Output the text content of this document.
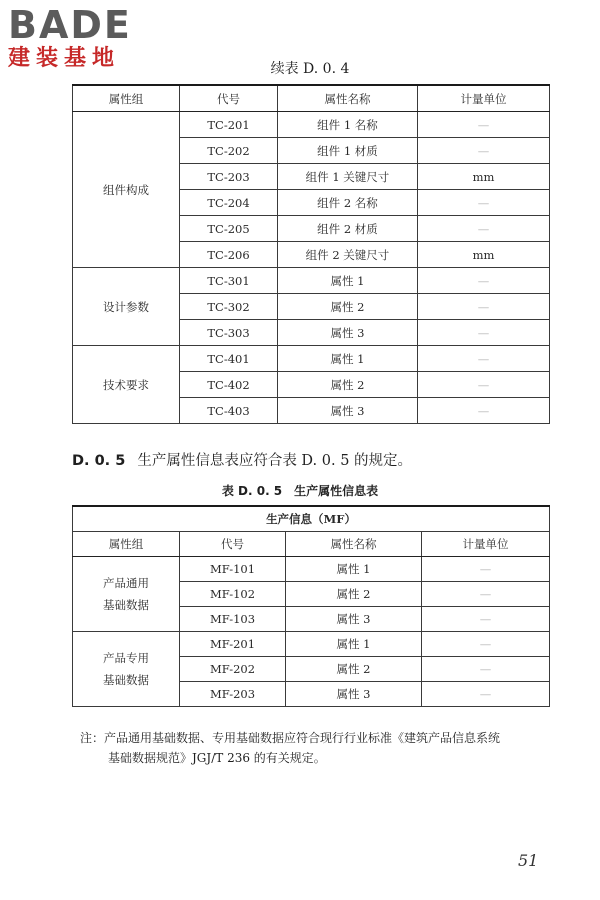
BADE
建装基地	续表 D. 0. 4
属性组	代号	属性名称	计量单位
组件构成	TC-201	组件 1 名称	—
	TC-202	组件 1 材质	—
	TC-203	组件 1 关键尺寸	mm
	TC-204	组件 2 名称	—
	TC-205	组件 2 材质	—
	TC-206	组件 2 关键尺寸	mm
设计参数	TC-301	属性 1	—
	TC-302	属性 2	—
	TC-303	属性 3	—
技术要求	TC-401	属性 1	—
	TC-402	属性 2	—
	TC-403	属性 3	—
D. 0. 5 生产属性信息表应符合表 D. 0. 5 的规定。
表 D. 0. 5　生产属性信息表
生产信息（MF）			
属性组	代号	属性名称	计量单位

产品通用
基础数据	MF-101	属性 1	—
	MF-102	属性 2	—
	MF-103	属性 3	—

产品专用
基础数据	MF-201	属性 1	—
	MF-202	属性 2	—
	MF-203	属性 3	—
注：产品通用基础数据、专用基础数据应符合现行行业标准《建筑产品信息系统
基础数据规范》JGJ/T 236 的有关规定。
51
